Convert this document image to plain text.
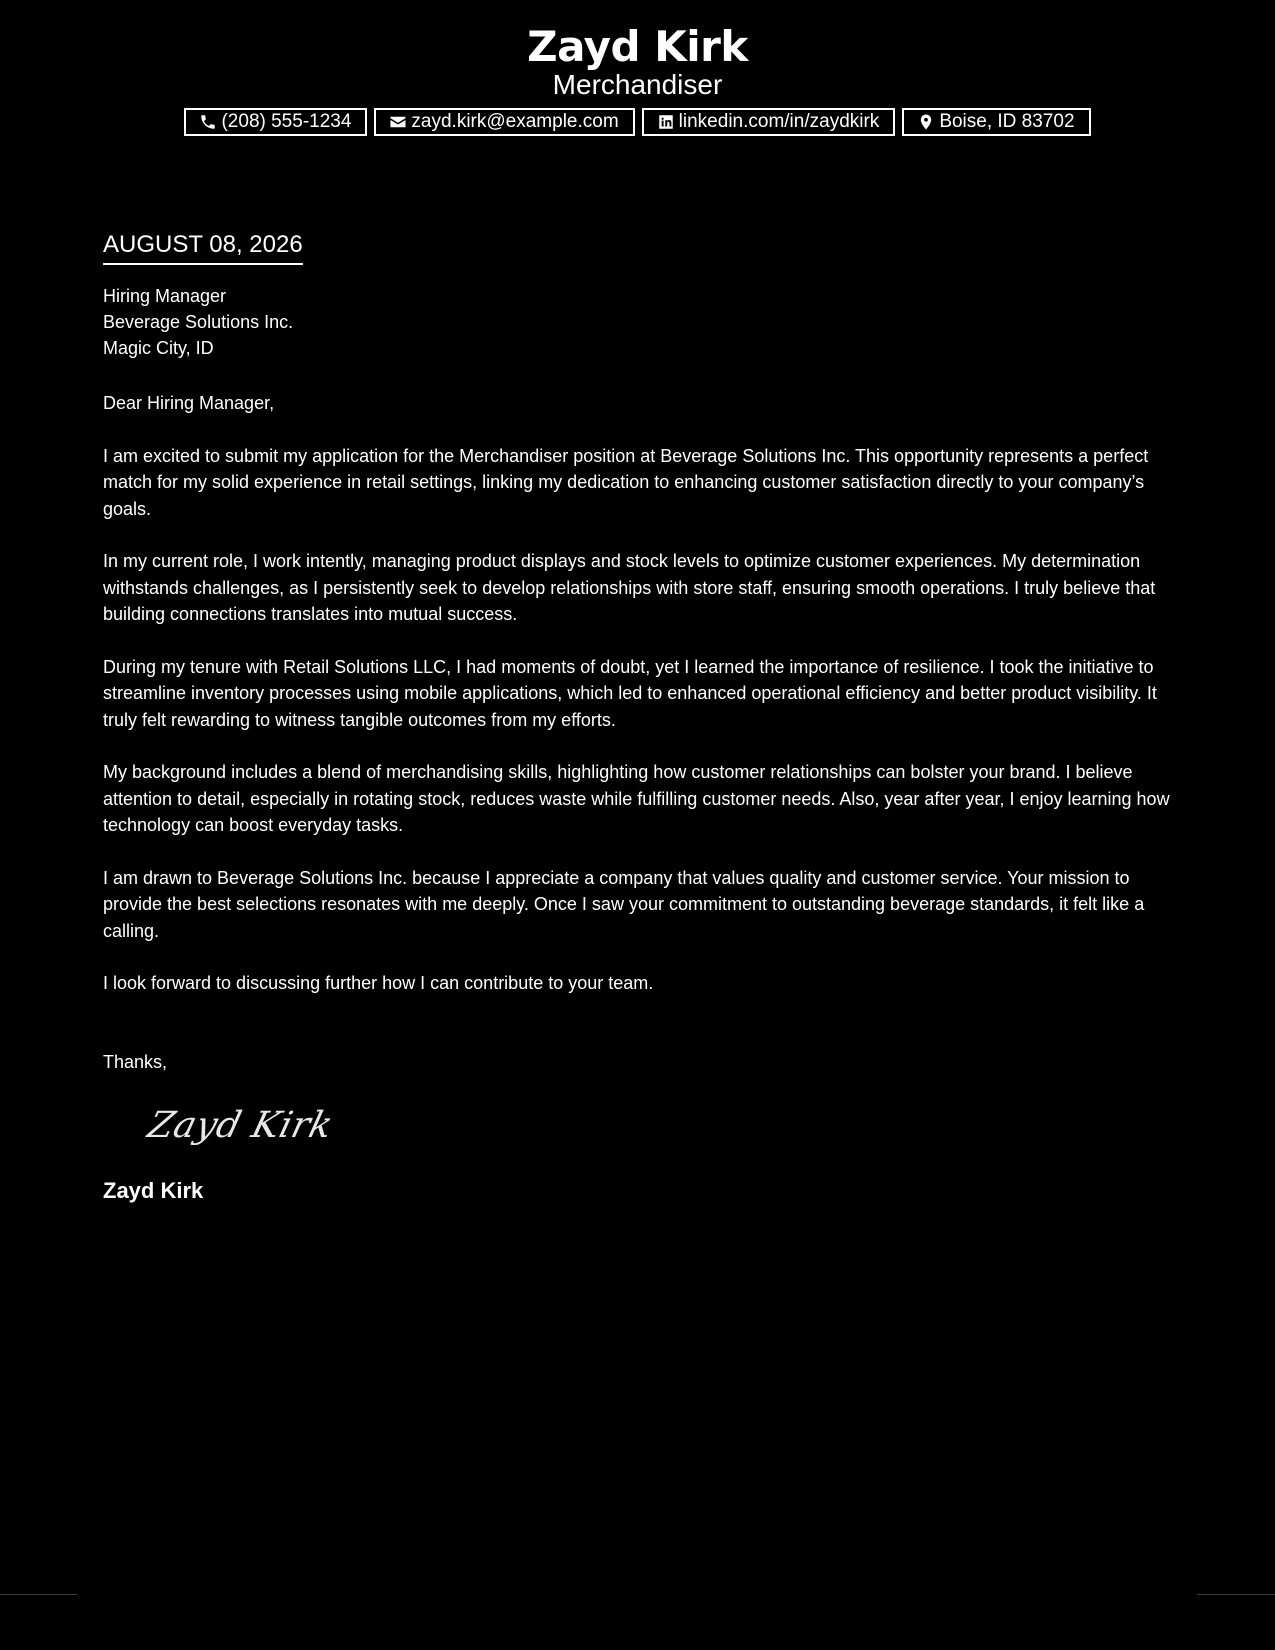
Zayd Kirk
Merchandiser
(208) 555-1234	zayd.kirk@example.com	linkedin.com/in/zaydkirk	Boise, ID 83702
AUGUST 08, 2026
Hiring Manager
Beverage Solutions Inc.
Magic City, ID
Dear Hiring Manager,

I am excited to submit my application for the Merchandiser position at Beverage Solutions Inc. This opportunity represents a perfect match for my solid experience in retail settings, linking my dedication to enhancing customer satisfaction directly to your company’s goals.

In my current role, I work intently, managing product displays and stock levels to optimize customer experiences. My determination withstands challenges, as I persistently seek to develop relationships with store staff, ensuring smooth operations. I truly believe that building connections translates into mutual success.

During my tenure with Retail Solutions LLC, I had moments of doubt, yet I learned the importance of resilience. I took the initiative to streamline inventory processes using mobile applications, which led to enhanced operational efficiency and better product visibility. It truly felt rewarding to witness tangible outcomes from my efforts.

My background includes a blend of merchandising skills, highlighting how customer relationships can bolster your brand. I believe attention to detail, especially in rotating stock, reduces waste while fulfilling customer needs. Also, year after year, I enjoy learning how technology can boost everyday tasks.

I am drawn to Beverage Solutions Inc. because I appreciate a company that values quality and customer service. Your mission to provide the best selections resonates with me deeply. Once I saw your commitment to outstanding beverage standards, it felt like a calling.

I look forward to discussing further how I can contribute to your team.

Thanks,
Zayd Kirk
Zayd Kirk
